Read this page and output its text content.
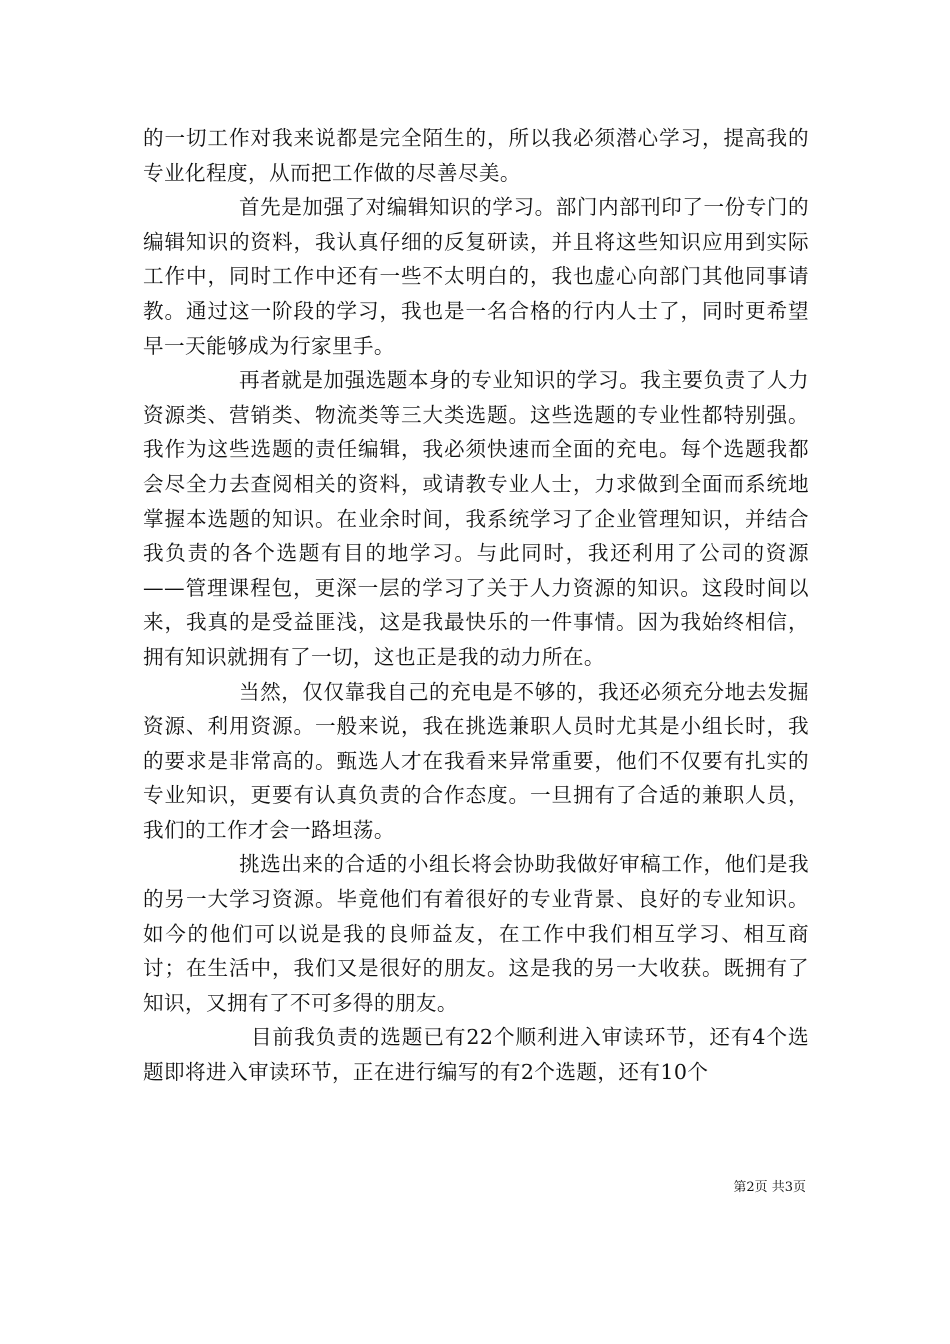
的一切工作对我来说都是完全陌生的，所以我必须潜心学习，提高我的专业化程度，从而把工作做的尽善尽美。

首先是加强了对编辑知识的学习。部门内部刊印了一份专门的编辑知识的资料，我认真仔细的反复研读，并且将这些知识应用到实际工作中，同时工作中还有一些不太明白的，我也虚心向部门其他同事请教。通过这一阶段的学习，我也是一名合格的行内人士了，同时更希望早一天能够成为行家里手。

再者就是加强选题本身的专业知识的学习。我主要负责了人力资源类、营销类、物流类等三大类选题。这些选题的专业性都特别强。我作为这些选题的责任编辑，我必须快速而全面的充电。每个选题我都会尽全力去查阅相关的资料，或请教专业人士，力求做到全面而系统地掌握本选题的知识。在业余时间，我系统学习了企业管理知识，并结合我负责的各个选题有目的地学习。与此同时，我还利用了公司的资源——管理课程包，更深一层的学习了关于人力资源的知识。这段时间以来，我真的是受益匪浅，这是我最快乐的一件事情。因为我始终相信，拥有知识就拥有了一切，这也正是我的动力所在。

当然，仅仅靠我自己的充电是不够的，我还必须充分地去发掘资源、利用资源。一般来说，我在挑选兼职人员时尤其是小组长时，我的要求是非常高的。甄选人才在我看来异常重要，他们不仅要有扎实的专业知识，更要有认真负责的合作态度。一旦拥有了合适的兼职人员，我们的工作才会一路坦荡。

挑选出来的合适的小组长将会协助我做好审稿工作，他们是我的另一大学习资源。毕竟他们有着很好的专业背景、良好的专业知识。如今的他们可以说是我的良师益友，在工作中我们相互学习、相互商讨；在生活中，我们又是很好的朋友。这是我的另一大收获。既拥有了知识，又拥有了不可多得的朋友。

目前我负责的选题已有22个顺利进入审读环节，还有4个选题即将进入审读环节，正在进行编写的有2个选题，还有10个

第2页 共3页
